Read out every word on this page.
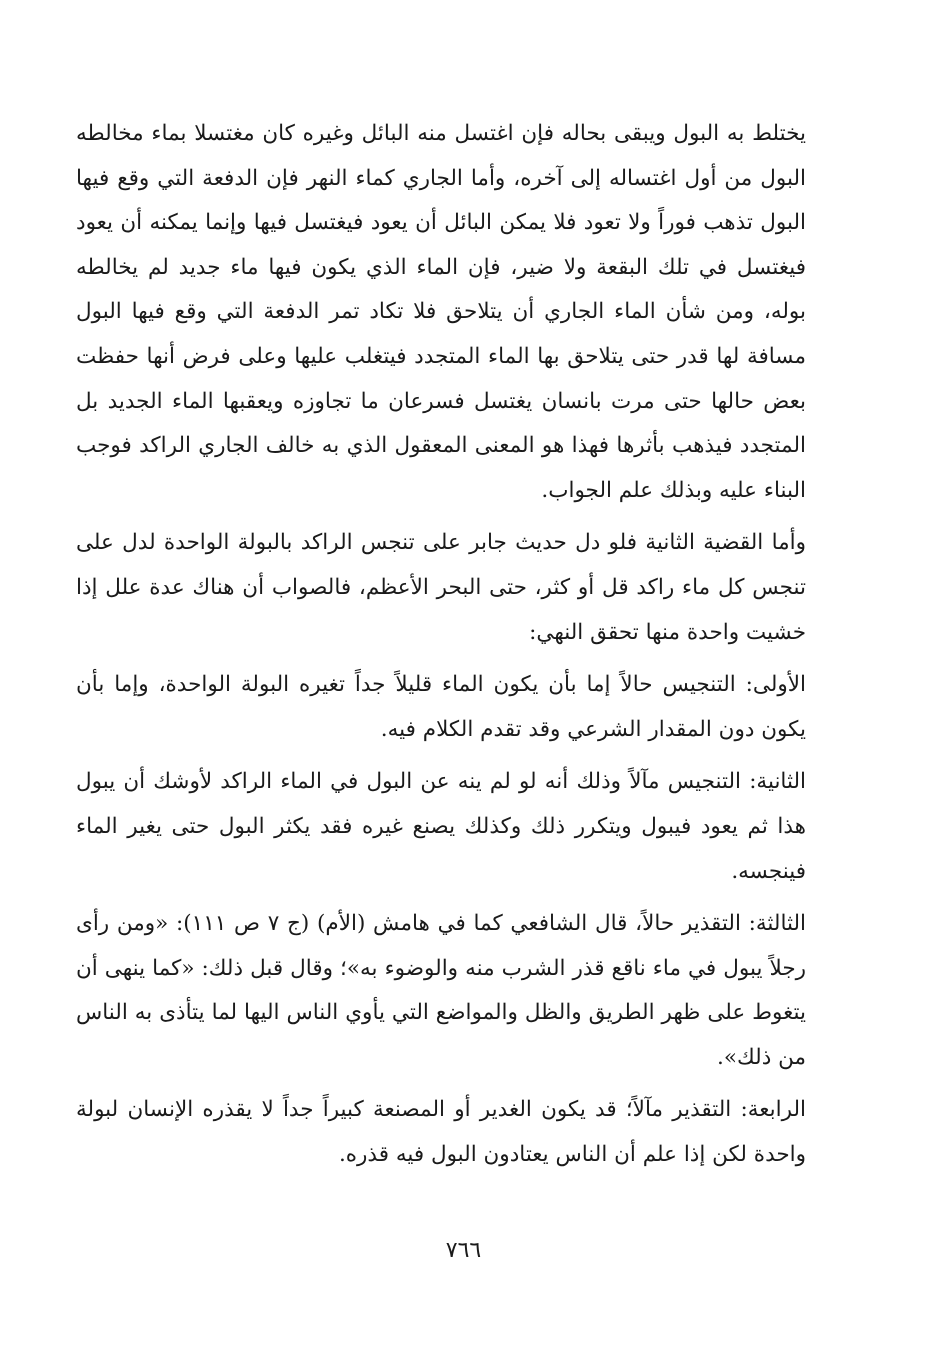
يختلط به البول ويبقى بحاله فإن اغتسل منه البائل وغيره كان مغتسلا بماء مخالطه البول من أول اغتساله إلى آخره، وأما الجاري كماء النهر فإن الدفعة التي وقع فيها البول تذهب فوراً ولا تعود فلا يمكن البائل أن يعود فيغتسل فيها وإنما يمكنه أن يعود فيغتسل في تلك البقعة ولا ضير، فإن الماء الذي يكون فيها ماء جديد لم يخالطه بوله، ومن شأن الماء الجاري أن يتلاحق فلا تكاد تمر الدفعة التي وقع فيها البول مسافة لها قدر حتى يتلاحق بها الماء المتجدد فيتغلب عليها وعلى فرض أنها حفظت بعض حالها حتى مرت بانسان يغتسل فسرعان ما تجاوزه ويعقبها الماء الجديد بل المتجدد فيذهب بأثرها فهذا هو المعنى المعقول الذي به خالف الجاري الراكد فوجب البناء عليه وبذلك علم الجواب.

وأما القضية الثانية فلو دل حديث جابر على تنجس الراكد بالبولة الواحدة لدل على تنجس كل ماء راكد قل أو كثر، حتى البحر الأعظم، فالصواب أن هناك عدة علل إذا خشيت واحدة منها تحقق النهي:

الأولى: التنجيس حالاً إما بأن يكون الماء قليلاً جداً تغيره البولة الواحدة، وإما بأن يكون دون المقدار الشرعي وقد تقدم الكلام فيه.

الثانية: التنجيس مآلاً وذلك أنه لو لم ينه عن البول في الماء الراكد لأوشك أن يبول هذا ثم يعود فيبول ويتكرر ذلك وكذلك يصنع غيره فقد يكثر البول حتى يغير الماء فينجسه.

الثالثة: التقذير حالاً، قال الشافعي كما في هامش (الأم) (ج ٧ ص ١١١): «ومن رأى رجلاً يبول في ماء ناقع قذر الشرب منه والوضوء به»؛ وقال قبل ذلك: «كما ينهى أن يتغوط على ظهر الطريق والظل والمواضع التي يأوي الناس اليها لما يتأذى به الناس من ذلك».

الرابعة: التقذير مآلاً؛ قد يكون الغدير أو المصنعة كبيراً جداً لا يقذره الإنسان لبولة واحدة لكن إذا علم أن الناس يعتادون البول فيه قذره.

٧٦٦
